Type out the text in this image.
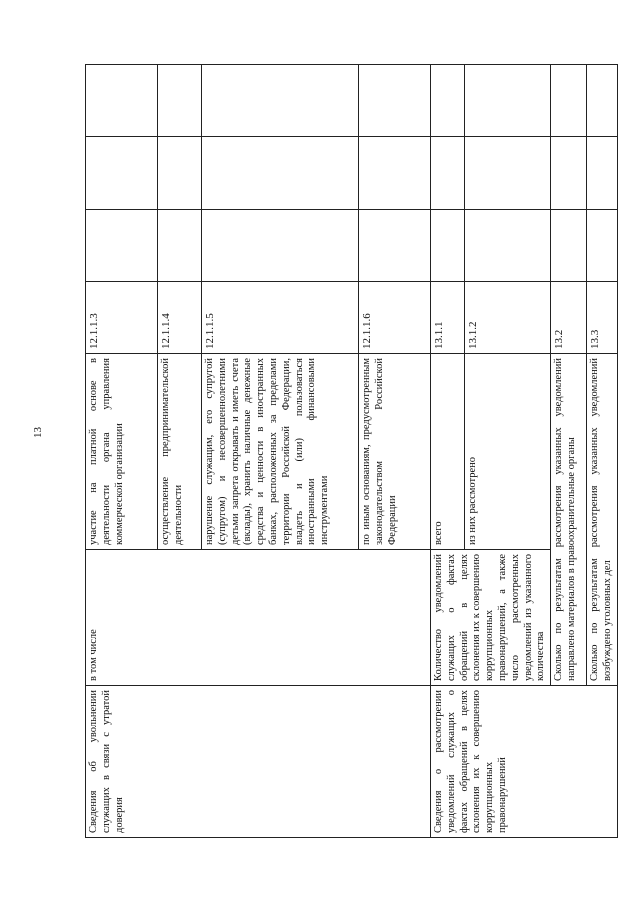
13
Сведения об увольнении служащих в связи с утратой доверия	в том числе	участие на платной основе в деятельности органа управления коммерческой организации	12.1.1.3			
		осуществление предпринимательской деятельности	12.1.1.4			
		нарушение служащим, его супругой (супругом) и несовершеннолетними детьми запрета открывать и иметь счета (вклады), хранить наличные денежные средства и ценности в иностранных банках, расположенных за пределами территории Российской Федерации, владеть и (или) пользоваться иностранными финансовыми инструментами	12.1.1.5			
		по иным основаниям, предусмотренным законодательством Российской Федерации	12.1.1.6			
Сведения о рассмотрении уведомлений служащих о фактах обращений в целях склонения их к совершению коррупционных правонарушений	Количество уведомлений служащих о фактах обращений в целях склонения их к совершению коррупционных правонарушений, а также число рассмотренных уведомлений из указанного количества	всего	13.1.1			
		из них рассмотрено	13.1.2			
	Сколько по результатам рассмотрения указанных уведомлений направлено материалов в правоохранительные органы		13.2			
	Сколько по результатам рассмотрения указанных уведомлений возбуждено уголовных дел		13.3			
